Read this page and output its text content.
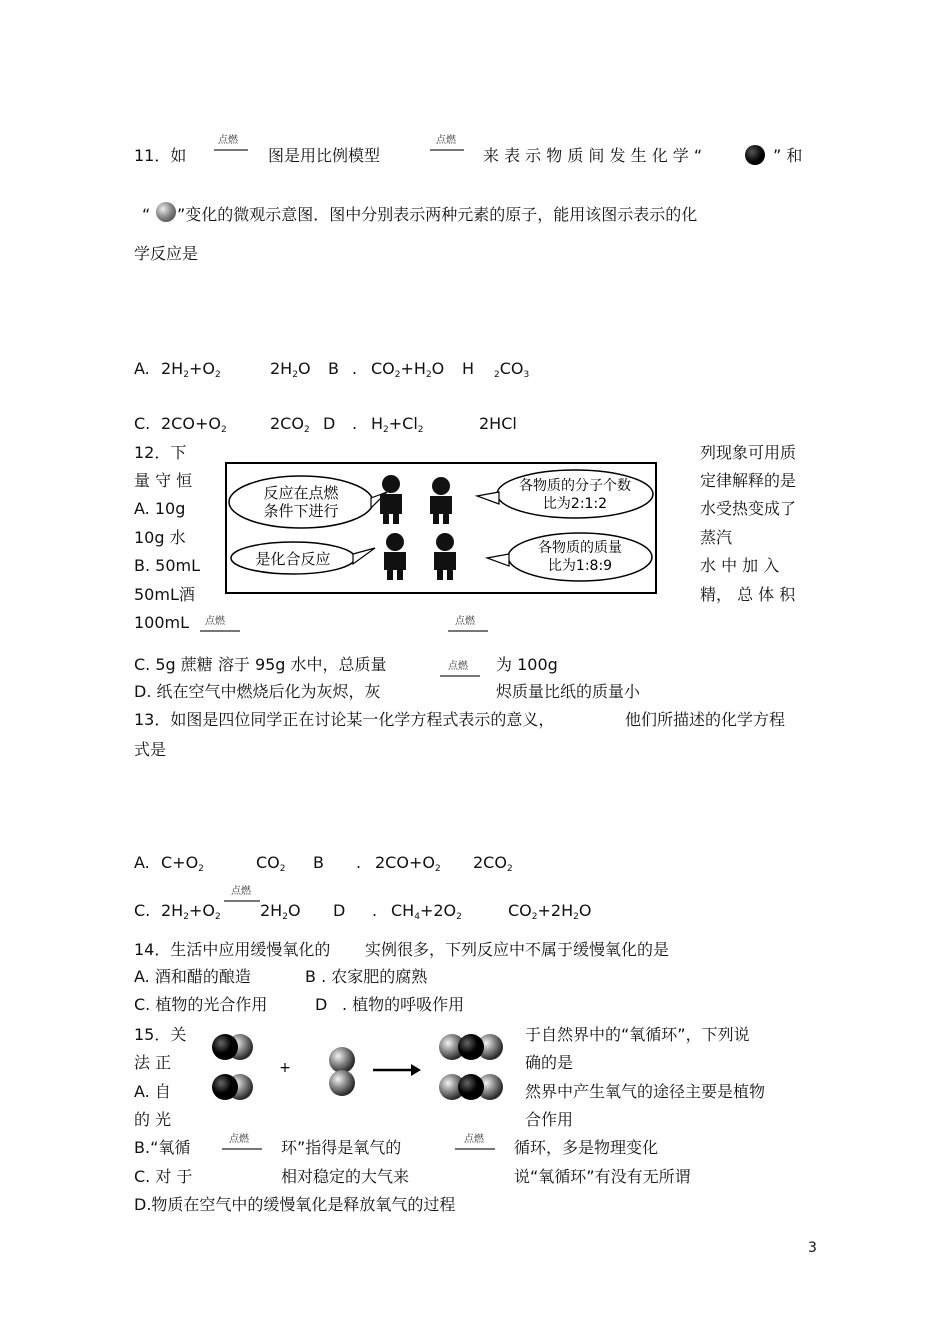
点燃	点燃
11．如	图是用比例模型	来 表 示 物 质 间 发 生 化 学 “	” 和
“ ”变化的微观示意图．图中分别表示两种元素的原子，能用该图示表示的化
学反应是
A. $2H_2+O_2$	$2H_2O$ B . $CO_2+H_2O$ H $_2CO_3$
C. $2CO+O_2$	$2CO_2$ D . $H_2+Cl_2$	2HCl
12．下	列现象可用质
量 守 恒	定律解释的是
A. 10g	水受热变成了
10g 水	蒸汽
B. 50mL	水 中 加 入
50mL酒	精， 总 体 积
100mL 点燃	点燃
反应在点燃
条件下进行
各物质的分子个数
比为2:1:2
是化合反应
各物质的质量
比为1:8:9
C. 5g 蔗糖 溶于 95g 水中，总质量	点燃 为 100g
D. 纸在空气中燃烧后化为灰烬，灰	烬质量比纸的质量小
13．如图是四位同学正在讨论某一化学方程式表示的意义，	他们所描述的化学方程
式是
A. $C+O_2$	$CO_2$ B . $2CO+O_2$ $2CO_2$
点燃
C. $2H_2+O_2$ $2H_2O$ D . $CH_4+2O_2$	$CO_2+2H_2O$
14．生活中应用缓慢氧化的 实例很多，下列反应中不属于缓慢氧化的是
A. 酒和醋的酿造	B . 农家肥的腐熟
C. 植物的光合作用	D . 植物的呼吸作用
15．关	于自然界中的“氧循环”，下列说
法 正	确的是
A. 自	然界中产生氧气的途径主要是植物
的 光	合作用
+
点燃	点燃
B.“氧循	环”指得是氧气的	循环，多是物理变化
C. 对 于	相对稳定的大气来	说“氧循环”有没有无所谓
D.物质在空气中的缓慢氧化是释放氧气的过程
3
